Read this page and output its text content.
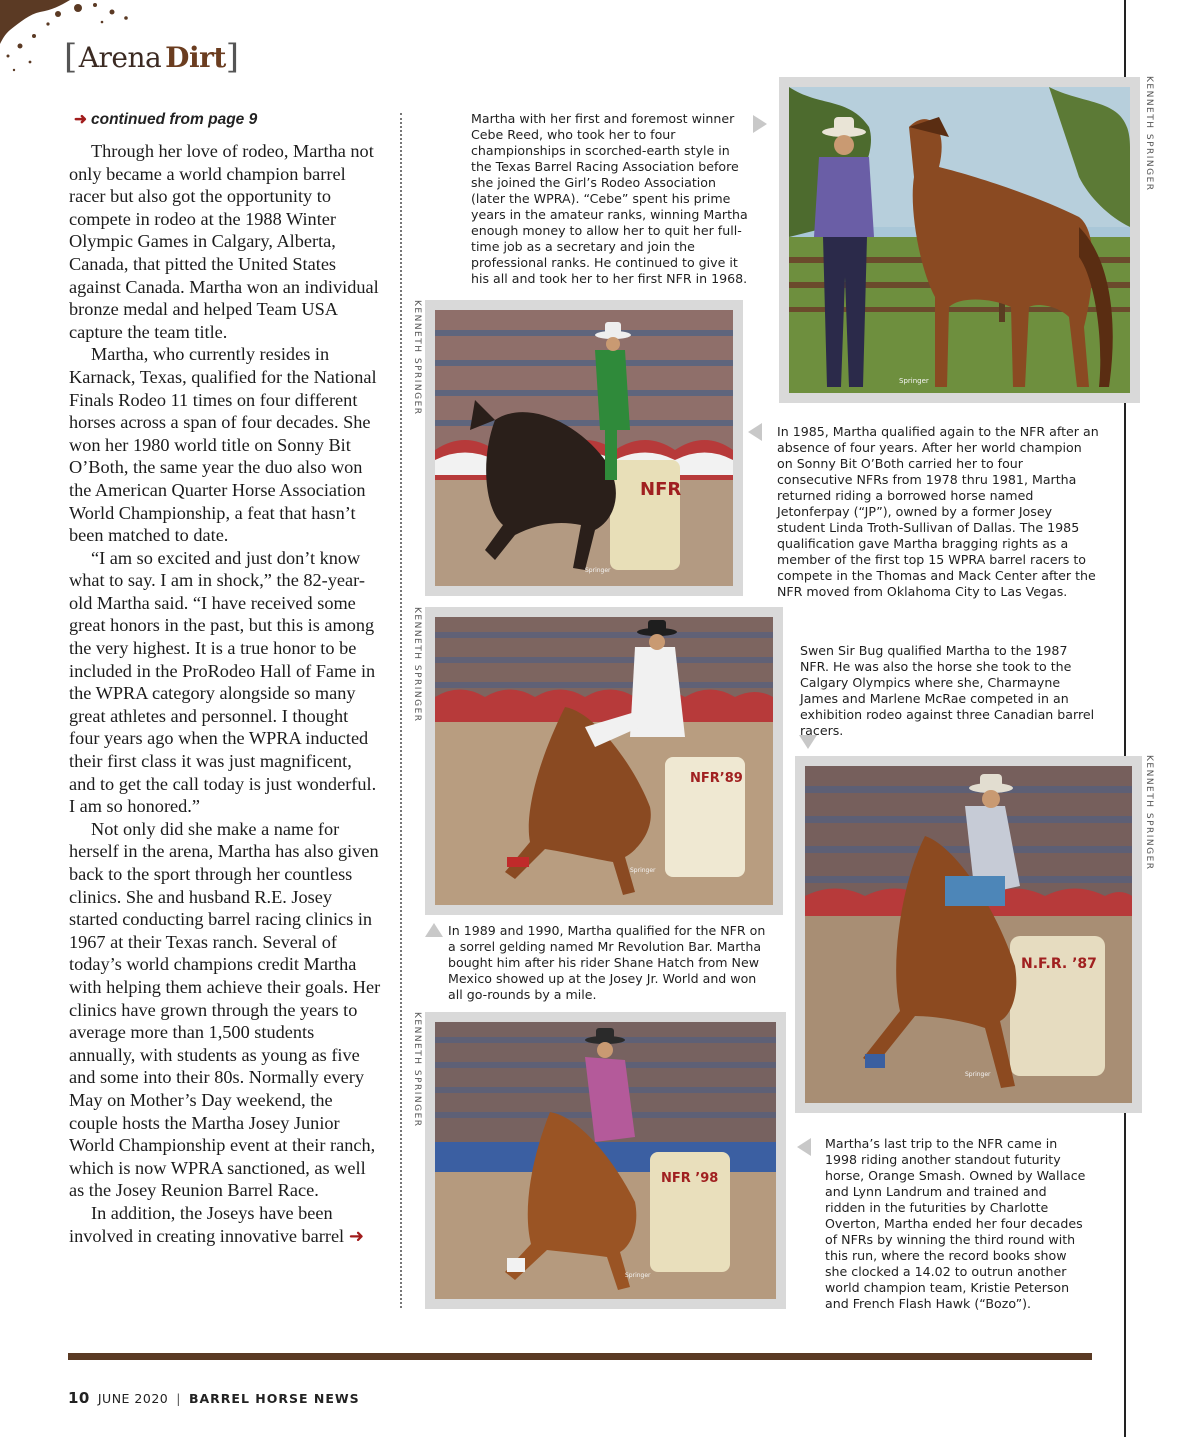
[ Arena Dirt ]
➜ continued from page 9

Through her love of rodeo, Martha not only became a world champion barrel racer but also got the opportunity to compete in rodeo at the 1988 Winter Olympic Games in Calgary, Alberta, Canada, that pitted the United States against Canada. Martha won an individual bronze medal and helped Team USA capture the team title.

Martha, who currently resides in Karnack, Texas, qualified for the National Finals Rodeo 11 times on four different horses across a span of four decades. She won her 1980 world title on Sonny Bit O’Both, the same year the duo also won the American Quarter Horse Association World Championship, a feat that hasn’t been matched to date.

“I am so excited and just don’t know what to say. I am in shock,” the 82-year-old Martha said. “I have received some great honors in the past, but this is among the very highest. It is a true honor to be included in the ProRodeo Hall of Fame in the WPRA category alongside so many great athletes and personnel. I thought four years ago when the WPRA inducted their first class it was just magnificent, and to get the call today is just wonderful. I am so honored.”

Not only did she make a name for herself in the arena, Martha has also given back to the sport through her countless clinics. She and husband R.E. Josey started conducting barrel racing clinics in 1967 at their Texas ranch. Several of today’s world champions credit Martha with helping them achieve their goals. Her clinics have grown through the years to average more than 1,500 students annually, with students as young as five and some into their 80s. Normally every May on Mother’s Day weekend, the couple hosts the Martha Josey Junior World Championship event at their ranch, which is now WPRA sanctioned, as well as the Josey Reunion Barrel Race.

In addition, the Joseys have been involved in creating innovative barrel ➜

Martha with her first and foremost winner Cebe Reed, who took her to four championships in scorched-earth style in the Texas Barrel Racing Association before she joined the Girl’s Rodeo Association (later the WPRA). “Cebe” spent his prime years in the amateur ranks, winning Martha enough money to allow her to quit her full-time job as a secretary and join the professional ranks. He continued to give it his all and took her to her first NFR in 1968.
Springer
KENNETH SPRINGER
KENNETH SPRINGER
NFR
Springer
In 1985, Martha qualified again to the NFR after an absence of four years. After her world champion on Sonny Bit O’Both carried her to four consecutive NFRs from 1978 thru 1981, Martha returned riding a borrowed horse named Jetonferpay (“JP”), owned by a former Josey student Linda Troth-Sullivan of Dallas. The 1985 qualification gave Martha bragging rights as a member of the first top 15 WPRA barrel racers to compete in the Thomas and Mack Center after the NFR moved from Oklahoma City to Las Vegas.
KENNETH SPRINGER
NFR’89
Springer
Swen Sir Bug qualified Martha to the 1987 NFR. He was also the horse she took to the Calgary Olympics where she, Charmayne James and Marlene McRae competed in an exhibition rodeo against three Canadian barrel racers.
KENNETH SPRINGER
N.F.R. ’87
Springer
In 1989 and 1990, Martha qualified for the NFR on a sorrel gelding named Mr Revolution Bar. Martha bought him after his rider Shane Hatch from New Mexico showed up at the Josey Jr. World and won all go-rounds by a mile.
KENNETH SPRINGER
NFR ’98
Springer
Martha’s last trip to the NFR came in 1998 riding another standout futurity horse, Orange Smash. Owned by Wallace and Lynn Landrum and trained and ridden in the futurities by Charlotte Overton, Martha ended her four decades of NFRs by winning the third round with this run, where the record books show she clocked a 14.02 to outrun another world champion team, Kristie Peterson and French Flash Hawk (“Bozo”).
10 JUNE 2020 | BARREL HORSE NEWS
